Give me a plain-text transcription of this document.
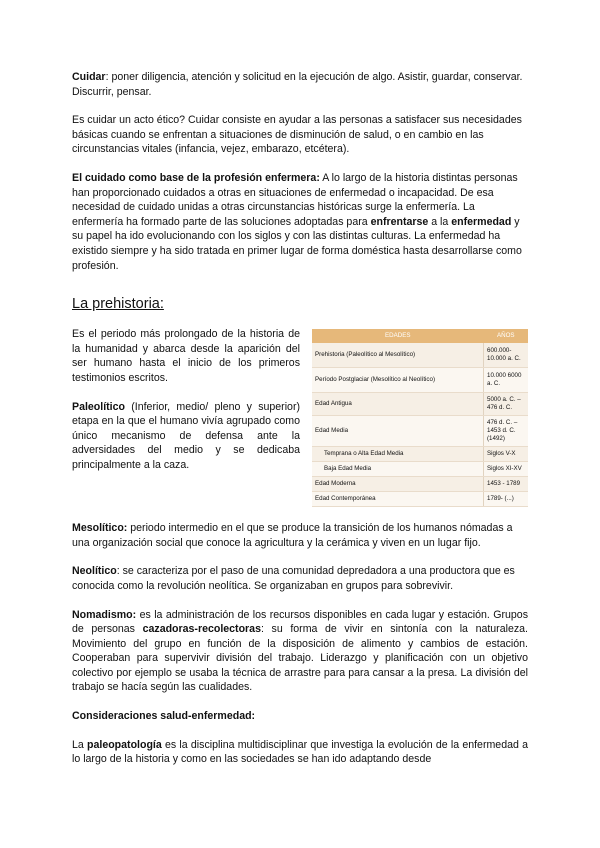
Cuidar: poner diligencia, atención y solicitud en la ejecución de algo. Asistir, guardar, conservar. Discurrir, pensar.

Es cuidar un acto ético? Cuidar consiste en ayudar a las personas a satisfacer sus necesidades básicas cuando se enfrentan a situaciones de disminución de salud, o en cambio en las circunstancias vitales (infancia, vejez, embarazo, etcétera).

El cuidado como base de la profesión enfermera: A lo largo de la historia distintas personas han proporcionado cuidados a otras en situaciones de enfermedad o incapacidad. De esa necesidad de cuidado unidas a otras circunstancias históricas surge la enfermería. La enfermería ha formado parte de las soluciones adoptadas para enfrentarse a la enfermedad y su papel ha ido evolucionando con los siglos y con las distintas culturas. La enfermedad ha existido siempre y ha sido tratada en primer lugar de forma doméstica hasta desarrollarse como profesión.

La prehistoria:

Es el periodo más prolongado de la historia de la humanidad y abarca desde la aparición del ser humano hasta el inicio de los primeros testimonios escritos.

Paleolítico (Inferior, medio/ pleno y superior) etapa en la que el humano vivía agrupado como único mecanismo de defensa ante la adversidades del medio y se dedicaba principalmente a la caza.

EDADES	AÑOS
Prehistoria (Paleolítico al Mesolítico)	600.000-10.000 a. C.
Período Postglaciar (Mesolítico al Neolítico)	10.000 6000 a. C.
Edad Antigua	5000 a. C. – 476 d. C.
Edad Media	476 d. C. – 1453 d. C. (1492)
Temprana o Alta Edad Media	Siglos V-X
Baja Edad Media	Siglos XI-XV
Edad Moderna	1453 - 1789
Edad Contemporánea	1789- (...)

Mesolítico: periodo intermedio en el que se produce la transición de los humanos nómadas a una organización social que conoce la agricultura y la cerámica y viven en un lugar fijo.

Neolítico: se caracteriza por el paso de una comunidad depredadora a una productora que es conocida como la revolución neolítica. Se organizaban en grupos para sobrevivir.

Nomadismo: es la administración de los recursos disponibles en cada lugar y estación. Grupos de personas cazadoras-recolectoras: su forma de vivir en sintonía con la naturaleza. Movimiento del grupo en función de la disposición de alimento y cambios de estación. Cooperaban para supervivir división del trabajo. Liderazgo y planificación con un objetivo colectivo por ejemplo se usaba la técnica de arrastre para para cansar a la presa. La división del trabajo se hacía según las cualidades.

Consideraciones salud-enfermedad:

La paleopatología es la disciplina multidisciplinar que investiga la evolución de la enfermedad a lo largo de la historia y como en las sociedades se han ido adaptando desde
